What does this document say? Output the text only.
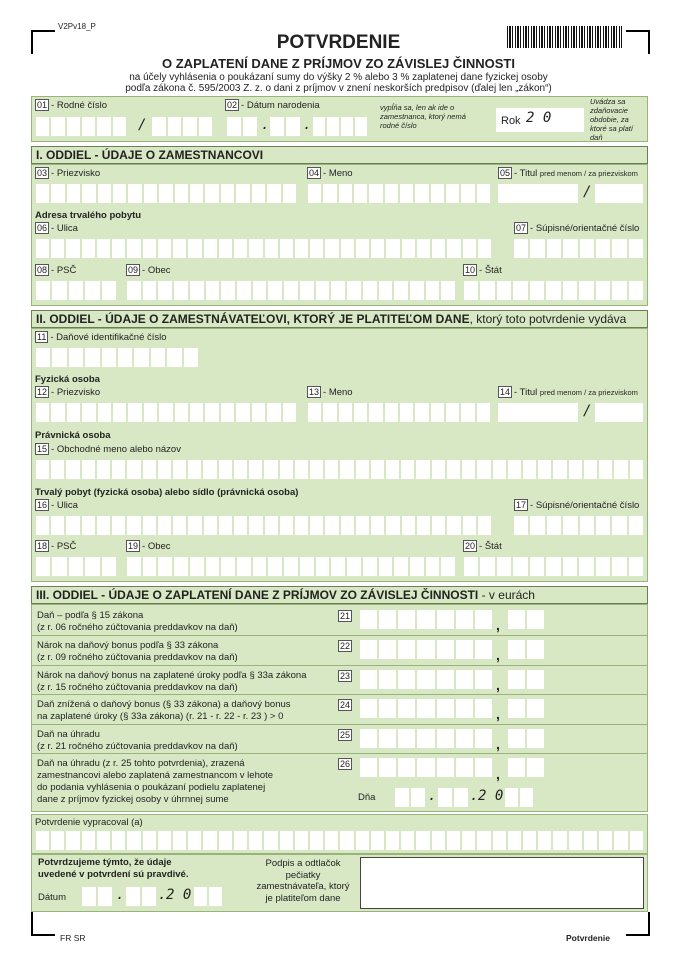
V2Pv18_P
POTVRDENIE
O ZAPLATENÍ DANE Z PRÍJMOV ZO ZÁVISLEJ ČINNOSTI
na účely vyhlásenia o poukázaní sumy do výšky 2 % alebo 3 % zaplatenej dane fyzickej osoby
podľa zákona č. 595/2003 Z. z. o dani z príjmov v znení neskorších predpisov (ďalej len „zákon“)
01 - Rodné číslo
/
02 - Dátum narodenia
. .
vypĺňa sa, len ak ide o zamestnanca, ktorý nemá rodné číslo	Rok 2 0
Uvádza sa zdaňovacie obdobie, za ktoré sa platí daň
I. ODDIEL - ÚDAJE O ZAMESTNANCOVI
03 - Priezvisko	04 - Meno	05 - Titul pred menom / za priezviskom
/
Adresa trvalého pobytu
06 - Ulica	07 - Súpisné/orientačné číslo
08 - PSČ	09 - Obec	10 - Štát
II. ODDIEL - ÚDAJE O ZAMESTNÁVATEĽOVI, KTORÝ JE PLATITEĽOM DANE, ktorý toto potvrdenie vydáva
11 - Daňové identifikačné číslo
Fyzická osoba
12 - Priezvisko	13 - Meno	14 - Titul pred menom / za priezviskom
/
Právnická osoba
15 - Obchodné meno alebo názov
Trvalý pobyt (fyzická osoba) alebo sídlo (právnická osoba)
16 - Ulica	17 - Súpisné/orientačné číslo
18 - PSČ	19 - Obec	20 - Štát
III. ODDIEL - ÚDAJE O ZAPLATENÍ DANE Z PRÍJMOV ZO ZÁVISLEJ ČINNOSTI - v eurách
Daň – podľa § 15 zákona
(z r. 06 ročného zúčtovania preddavkov na daň)
21
,
Nárok na daňový bonus podľa § 33 zákona
(z r. 09 ročného zúčtovania preddavkov na daň)
22
,
Nárok na daňový bonus na zaplatené úroky podľa § 33a zákona
(z r. 15 ročného zúčtovania preddavkov na daň)
23
,
Daň znížená o daňový bonus (§ 33 zákona) a daňový bonus
na zaplatené úroky (§ 33a zákona) (r. 21 - r. 22 - r. 23 ) > 0
24
,
Daň na úhradu
(z r. 21 ročného zúčtovania preddavkov na daň)
25
,
Daň na úhradu (z r. 25 tohto potvrdenia), zrazená
zamestnancovi alebo zaplatená zamestnancom v lehote
do podania vyhlásenia o poukázaní podielu zaplatenej
dane z príjmov fyzickej osoby v úhrnnej sume
26
,
Dňa	. . 2 0
Potvrdenie vypracoval (a)
Potvrdzujeme týmto, že údaje
uvedené v potvrdení sú pravdivé.
Dátum	. . 2 0
Podpis a odtlačok
pečiatky
zamestnávateľa, ktorý
je platiteľom dane
FR SR	Potvrdenie
